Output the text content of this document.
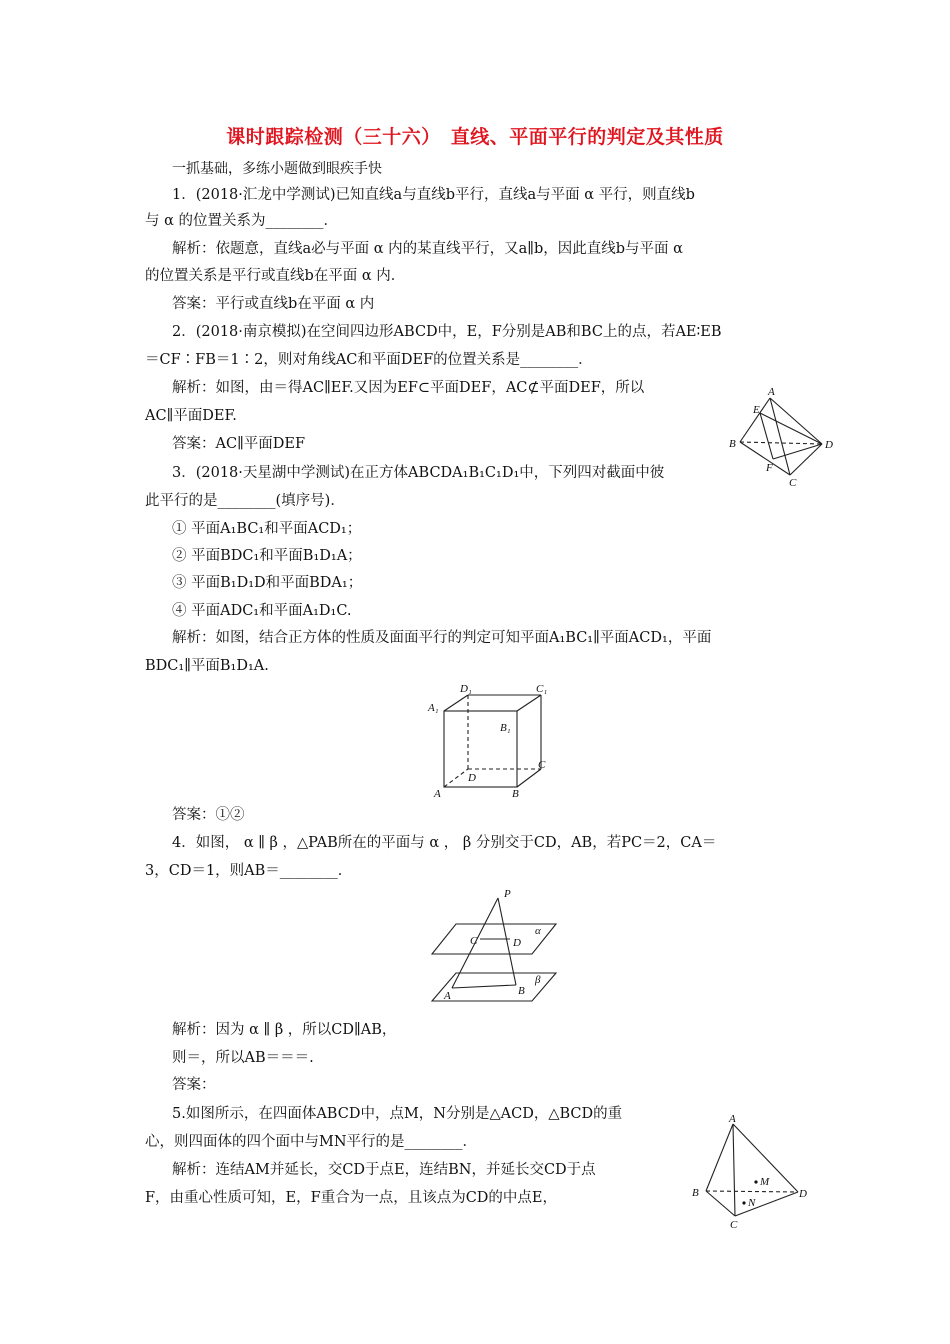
课时跟踪检测（三十六）　直线、平面平行的判定及其性质
一抓基础，多练小题做到眼疾手快
1．(2018·汇龙中学测试)已知直线a与直线b平行，直线a与平面 α 平行，则直线b
与 α 的位置关系为________．
解析：依题意，直线a必与平面 α 内的某直线平行，又a∥b，因此直线b与平面 α
的位置关系是平行或直线b在平面 α 内．
答案：平行或直线b在平面 α 内
2．(2018·南京模拟)在空间四边形ABCD中，E，F分别是AB和BC上的点，若AE∶EB
＝CF∶FB＝1∶2，则对角线AC和平面DEF的位置关系是________．
解析：如图，由＝得AC∥EF.又因为EF⊂平面DEF，AC⊄平面DEF，所以
AC∥平面DEF.
答案：AC∥平面DEF
A
E
B	D
F
C
3．(2018·天星湖中学测试)在正方体ABCDA₁B₁C₁D₁中，下列四对截面中彼
此平行的是________(填序号)．
① 平面A₁BC₁和平面ACD₁；
② 平面BDC₁和平面B₁D₁A；
③ 平面B₁D₁D和平面BDA₁；
④ 平面ADC₁和平面A₁D₁C.
解析：如图，结合正方体的性质及面面平行的判定可知平面A₁BC₁∥平面ACD₁，平面
BDC₁∥平面B₁D₁A.
D₁	C₁
A₁
B₁
D
C
A	B
答案：①②
4．如图， α ∥ β ，△PAB所在的平面与 α ， β 分别交于CD，AB，若PC＝2，CA＝
3，CD＝1，则AB＝________．
P
α
C	D
β
A	B
解析：因为 α ∥ β ，所以CD∥AB，
则＝，所以AB＝＝＝.
答案：
5.如图所示，在四面体ABCD中，点M，N分别是△ACD，△BCD的重
心，则四面体的四个面中与MN平行的是________．
解析：连结AM并延长，交CD于点E，连结BN，并延长交CD于点
F，由重心性质可知，E，F重合为一点，且该点为CD的中点E，
A
M
B
N
D
C
